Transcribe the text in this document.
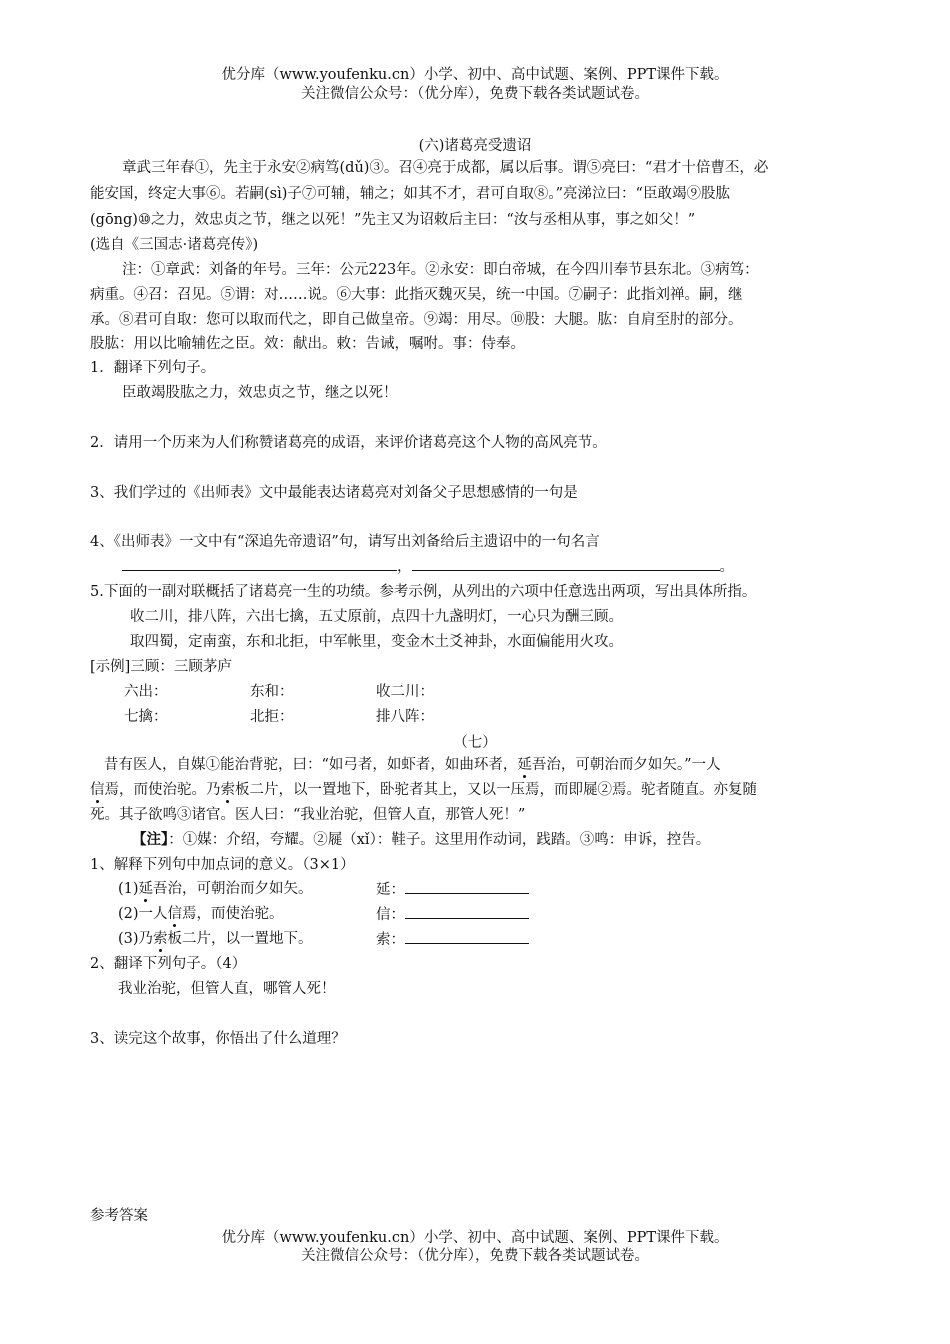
优分库（www.youfenku.cn）小学、初中、高中试题、案例、PPT课件下载。
关注微信公众号：（优分库），免费下载各类试题试卷。
(六)诸葛亮受遗诏
章武三年春①，先主于永安②病笃(dǔ)③。召④亮于成都，属以后事。谓⑤亮曰：“君才十倍曹丕，必
能安国，终定大事⑥。若嗣(sì)子⑦可辅，辅之；如其不才，君可自取⑧。”亮涕泣曰：“臣敢竭⑨股肱
(gōng)⑩之力，效忠贞之节，继之以死！”先主又为诏敕后主曰：“汝与丞相从事，事之如父！”
(选自《三国志·诸葛亮传》)
注：①章武：刘备的年号。三年：公元223年。②永安：即白帝城，在今四川奉节县东北。③病笃：
病重。④召：召见。⑤谓：对……说。⑥大事：此指灭魏灭吴，统一中国。⑦嗣子：此指刘禅。嗣，继
承。⑧君可自取：您可以取而代之，即自己做皇帝。⑨竭：用尽。⑩股：大腿。肱：自肩至肘的部分。
股肱：用以比喻辅佐之臣。效：献出。敕：告诫，嘱咐。事：侍奉。
1．翻译下列句子。
臣敢竭股肱之力，效忠贞之节，继之以死！
2．请用一个历来为人们称赞诸葛亮的成语，来评价诸葛亮这个人物的高风亮节。
3、我们学过的《出师表》文中最能表达诸葛亮对刘备父子思想感情的一句是
4、《出师表》一文中有“深追先帝遗诏”句，请写出刘备给后主遗诏中的一句名言
，	。
5.下面的一副对联概括了诸葛亮一生的功绩。参考示例，从列出的六项中任意选出两项，写出具体所指。
收二川，排八阵，六出七擒，五丈原前，点四十九盏明灯，一心只为酬三顾。
取四蜀，定南蛮，东和北拒，中军帐里，变金木土爻神卦，水面偏能用火攻。
[示例]三顾：三顾茅庐
六出：	东和：	收二川：
七擒：	北拒：	排八阵：
（七）
昔有医人，自媒①能治背驼，曰：“如弓者，如虾者，如曲环者，延吾治，可朝治而夕如矢。”一人
信焉，而使治驼。乃索板二片，以一置地下，卧驼者其上，又以一压焉，而即屣②焉。驼者随直。亦复随
死。其子欲鸣③诸官。医人曰：“我业治驼，但管人直，那管人死！”
【注】：①媒：介绍，夸耀。②屣（xǐ）：鞋子。这里用作动词，践踏。③鸣：申诉，控告。
1、解释下列句中加点词的意义。（3×1）
(1)延吾治，可朝治而夕如矢。	延：
(2)一人信焉，而使治驼。	信：
(3)乃索板二片，以一置地下。	索：
2、翻译下列句子。（4）
我业治驼，但管人直，哪管人死！
3、读完这个故事，你悟出了什么道理？
参考答案
优分库（www.youfenku.cn）小学、初中、高中试题、案例、PPT课件下载。
关注微信公众号：（优分库），免费下载各类试题试卷。
